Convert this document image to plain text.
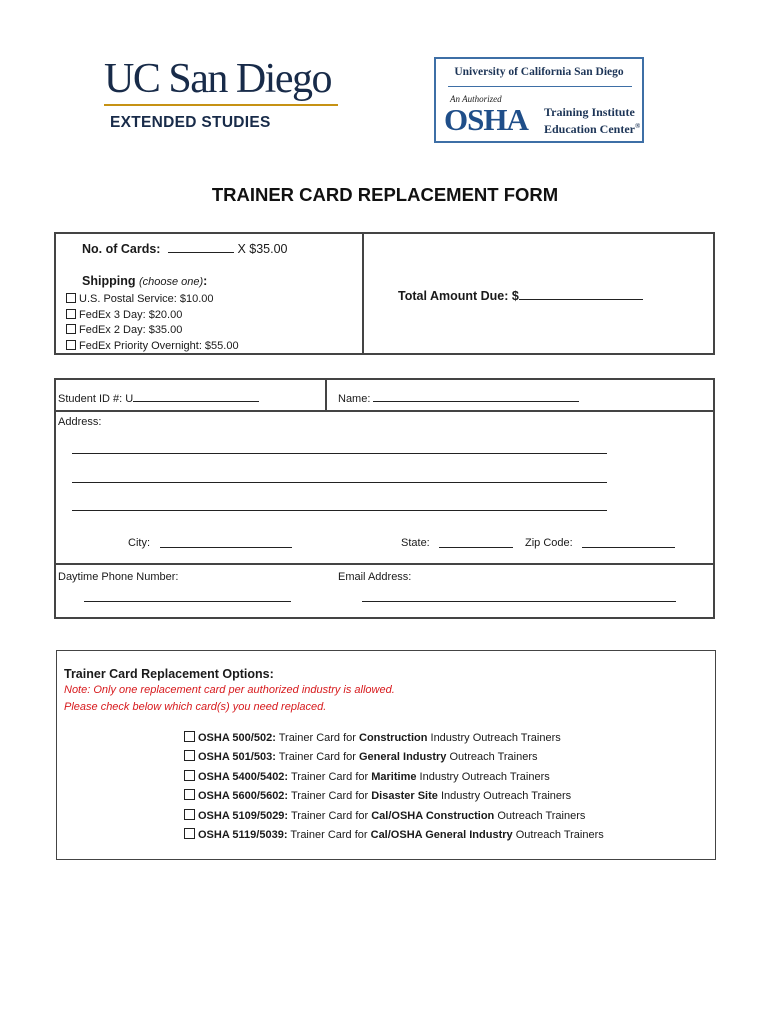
UC San Diego
EXTENDED STUDIES
University of California San Diego
An Authorized
OSHA Training Institute
Education Center®
TRAINER CARD REPLACEMENT FORM
No. of Cards:	X $35.00
Shipping (choose one):
U.S. Postal Service: $10.00
FedEx 3 Day: $20.00
FedEx 2 Day: $35.00
FedEx Priority Overnight: $55.00
Total Amount Due: $
Student ID #: U	Name:
Address:
City:	State:	Zip Code:
Daytime Phone Number:	Email Address:
Trainer Card Replacement Options:
Note: Only one replacement card per authorized industry is allowed.
Please check below which card(s) you need replaced.
OSHA 500/502: Trainer Card for Construction Industry Outreach Trainers
OSHA 501/503: Trainer Card for General Industry Outreach Trainers
OSHA 5400/5402: Trainer Card for Maritime Industry Outreach Trainers
OSHA 5600/5602: Trainer Card for Disaster Site Industry Outreach Trainers
OSHA 5109/5029: Trainer Card for Cal/OSHA Construction Outreach Trainers
OSHA 5119/5039: Trainer Card for Cal/OSHA General Industry Outreach Trainers
